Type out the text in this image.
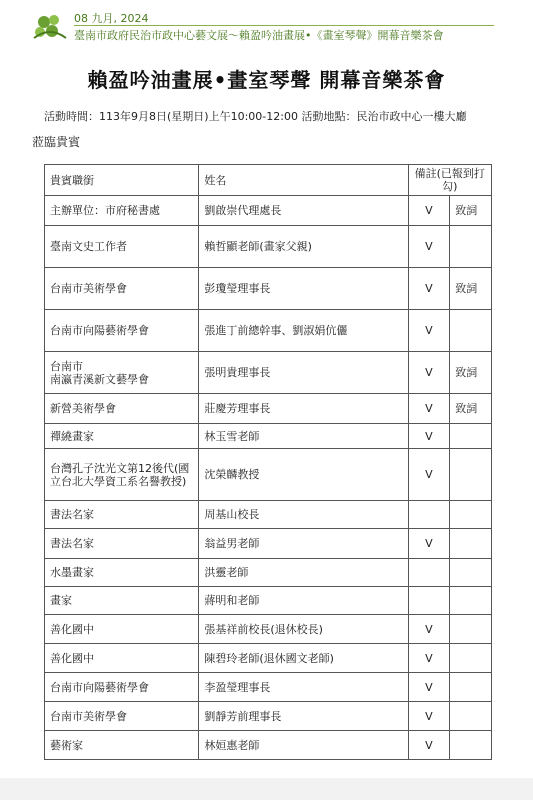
08 九月, 2024
臺南市政府民治市政中心藝文展～賴盈吟油畫展•《畫室琴聲》開幕音樂茶會
賴盈吟油畫展•畫室琴聲 開幕音樂茶會
活動時間：113年9月8日(星期日)上午10:00-12:00 活動地點：民治市政中心一樓大廳
蒞臨貴賓
貴賓職銜	姓名	備註(已報到打勾)	
主辦單位：市府秘書處	劉啟崇代理處長	V	致詞
臺南文史工作者	賴哲顯老師(畫家父親)	V	
台南市美術學會	彭瓊瑩理事長	V	致詞
台南市向陽藝術學會	張進丁前總幹事、劉淑娟伉儷	V	
台南市
南瀛青溪新文藝學會	張明貴理事長	V	致詞
新營美術學會	莊慶芳理事長	V	致詞
禪繞畫家	林玉雪老師	V	
台灣孔子沈光文第12後代(國立台北大學資工系名譽教授)	沈榮麟教授	V	
書法名家	周基山校長		
書法名家	翁益男老師	V	
水墨畫家	洪靈老師		
畫家	蔣明和老師		
善化國中	張基祥前校長(退休校長)	V	
善化國中	陳碧玲老師(退休國文老師)	V	
台南市向陽藝術學會	李盈瑩理事長	V	
台南市美術學會	劉靜芳前理事長	V	
藝術家	林姮惠老師	V	
